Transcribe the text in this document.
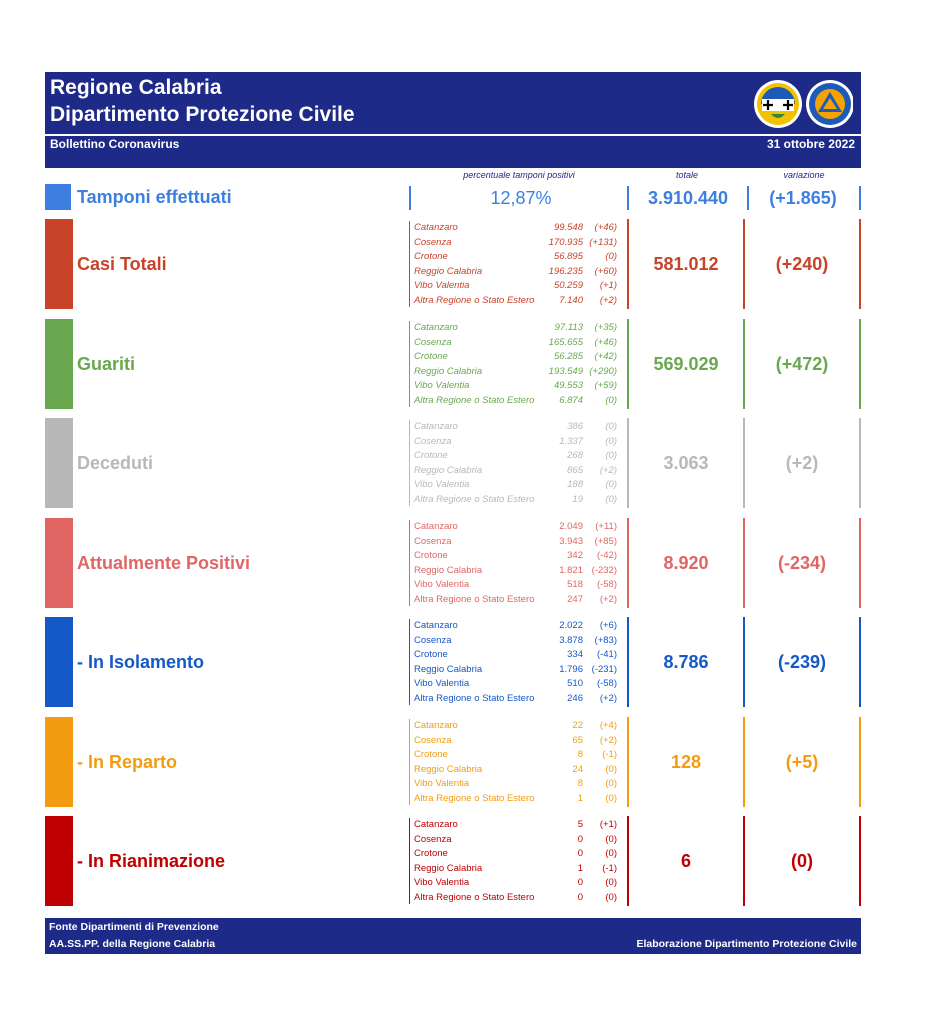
Regione Calabria
Dipartimento Protezione Civile
Bollettino Coronavirus	31 ottobre 2022
percentuale tamponi positivi	totale	variazione
Tamponi effettuati	12,87%	3.910.440	(+1.865)
Casi Totali
Catanzaro	99.548	(+46)
Cosenza	170.935 (+131)
Crotone	56.895	(0)
Reggio Calabria	196.235	(+60)
Vibo Valentia	50.259	(+1)
Altra Regione o Stato Estero	7.140	(+2)
581.012	(+240)
Guariti
Catanzaro	97.113	(+35)
Cosenza	165.655	(+46)
Crotone	56.285	(+42)
Reggio Calabria	193.549 (+290)
Vibo Valentia	49.553	(+59)
Altra Regione o Stato Estero	6.874	(0)
569.029	(+472)
Deceduti
Catanzaro	386	(0)
Cosenza	1.337	(0)
Crotone	268	(0)
Reggio Calabria	865	(+2)
Vibo Valentia	188	(0)
Altra Regione o Stato Estero	19	(0)
3.063	(+2)
Attualmente Positivi
Catanzaro	2.049	(+11)
Cosenza	3.943	(+85)
Crotone	342	(-42)
Reggio Calabria	1.821 (-232)
Vibo Valentia	518	(-58)
Altra Regione o Stato Estero	247	(+2)
8.920	(-234)
- In Isolamento
Catanzaro	2.022	(+6)
Cosenza	3.878	(+83)
Crotone	334	(-41)
Reggio Calabria	1.796 (-231)
Vibo Valentia	510	(-58)
Altra Regione o Stato Estero	246	(+2)
8.786	(-239)
- In Reparto
Catanzaro	22	(+4)
Cosenza	65	(+2)
Crotone	8	(-1)
Reggio Calabria	24	(0)
Vibo Valentia	8	(0)
Altra Regione o Stato Estero	1	(0)
128	(+5)
- In Rianimazione
Catanzaro	5	(+1)
Cosenza	0	(0)
Crotone	0	(0)
Reggio Calabria	1	(-1)
Vibo Valentia	0	(0)
Altra Regione o Stato Estero	0	(0)
6	(0)
Fonte Dipartimenti di Prevenzione
AA.SS.PP. della Regione Calabria	Elaborazione Dipartimento Protezione Civile
